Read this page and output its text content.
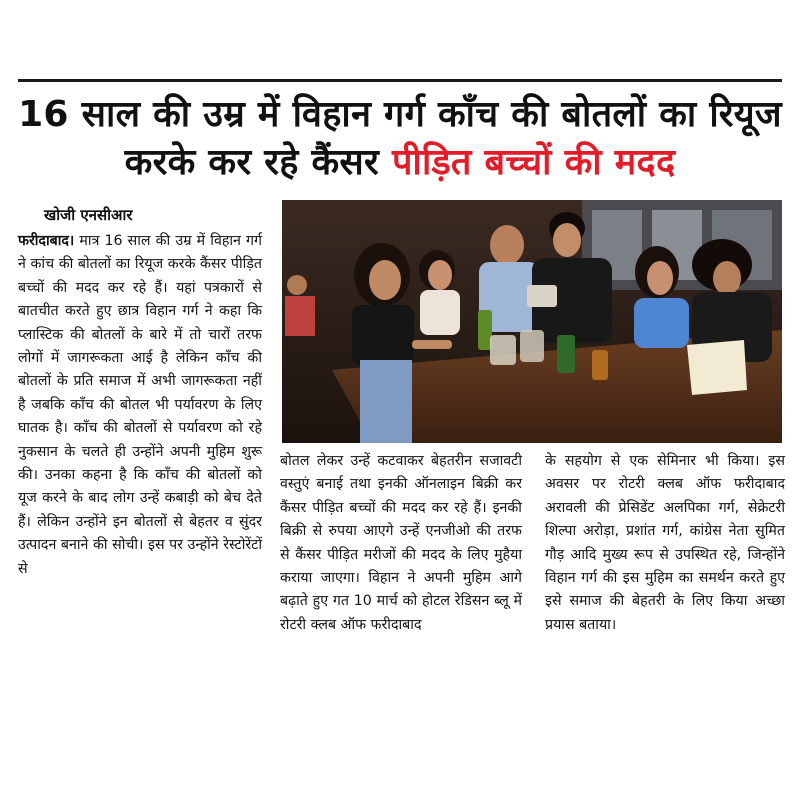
16 साल की उम्र में विहान गर्ग काँच की बोतलों का रियूज
करके कर रहे कैंसर पीड़ित बच्चों की मदद
खोजी एनसीआर

फरीदाबाद। मात्र 16 साल की उम्र में विहान गर्ग ने कांच की बोतलों का रियूज करके कैंसर पीड़ित बच्चों की मदद कर रहे हैं। यहां पत्रकारों से बातचीत करते हुए छात्र विहान गर्ग ने कहा कि प्लास्टिक की बोतलों के बारे में तो चारों तरफ लोगों में जागरूकता आई है लेकिन काँच की बोतलों के प्रति समाज में अभी जागरूकता नहीं है जबकि काँच की बोतल भी पर्यावरण के लिए घातक है। काँच की बोतलों से पर्यावरण को रहे नुकसान के चलते ही उन्होंने अपनी मुहिम शुरू की। उनका कहना है कि काँच की बोतलों को यूज करने के बाद लोग उन्हें कबाड़ी को बेच देते हैं। लेकिन उन्होंने इन बोतलों से बेहतर व सुंदर उत्पादन बनाने की सोची। इस पर उन्होंने रेस्टोरेंटों से

बोतल लेकर उन्हें कटवाकर बेहतरीन सजावटी वस्तुएं बनाई तथा इनकी ऑनलाइन बिक्री कर कैंसर पीड़ित बच्चों की मदद कर रहे हैं। इनकी बिक्री से रुपया आएगे उन्हें एनजीओ की तरफ से कैंसर पीड़ित मरीजों की मदद के लिए मुहैया कराया जाएगा। विहान ने अपनी मुहिम आगे बढ़ाते हुए गत 10 मार्च को होटल रेडिसन ब्लू में रोटरी क्लब ऑफ फरीदाबाद

के सहयोग से एक सेमिनार भी किया। इस अवसर पर रोटरी क्लब ऑफ फरीदाबाद अरावली की प्रेसिडेंट अलपिका गर्ग, सेक्रेटरी शिल्पा अरोड़ा, प्रशांत गर्ग, कांग्रेस नेता सुमित गौड़ आदि मुख्य रूप से उपस्थित रहे, जिन्होंने विहान गर्ग की इस मुहिम का समर्थन करते हुए इसे समाज की बेहतरी के लिए किया अच्छा प्रयास बताया।
